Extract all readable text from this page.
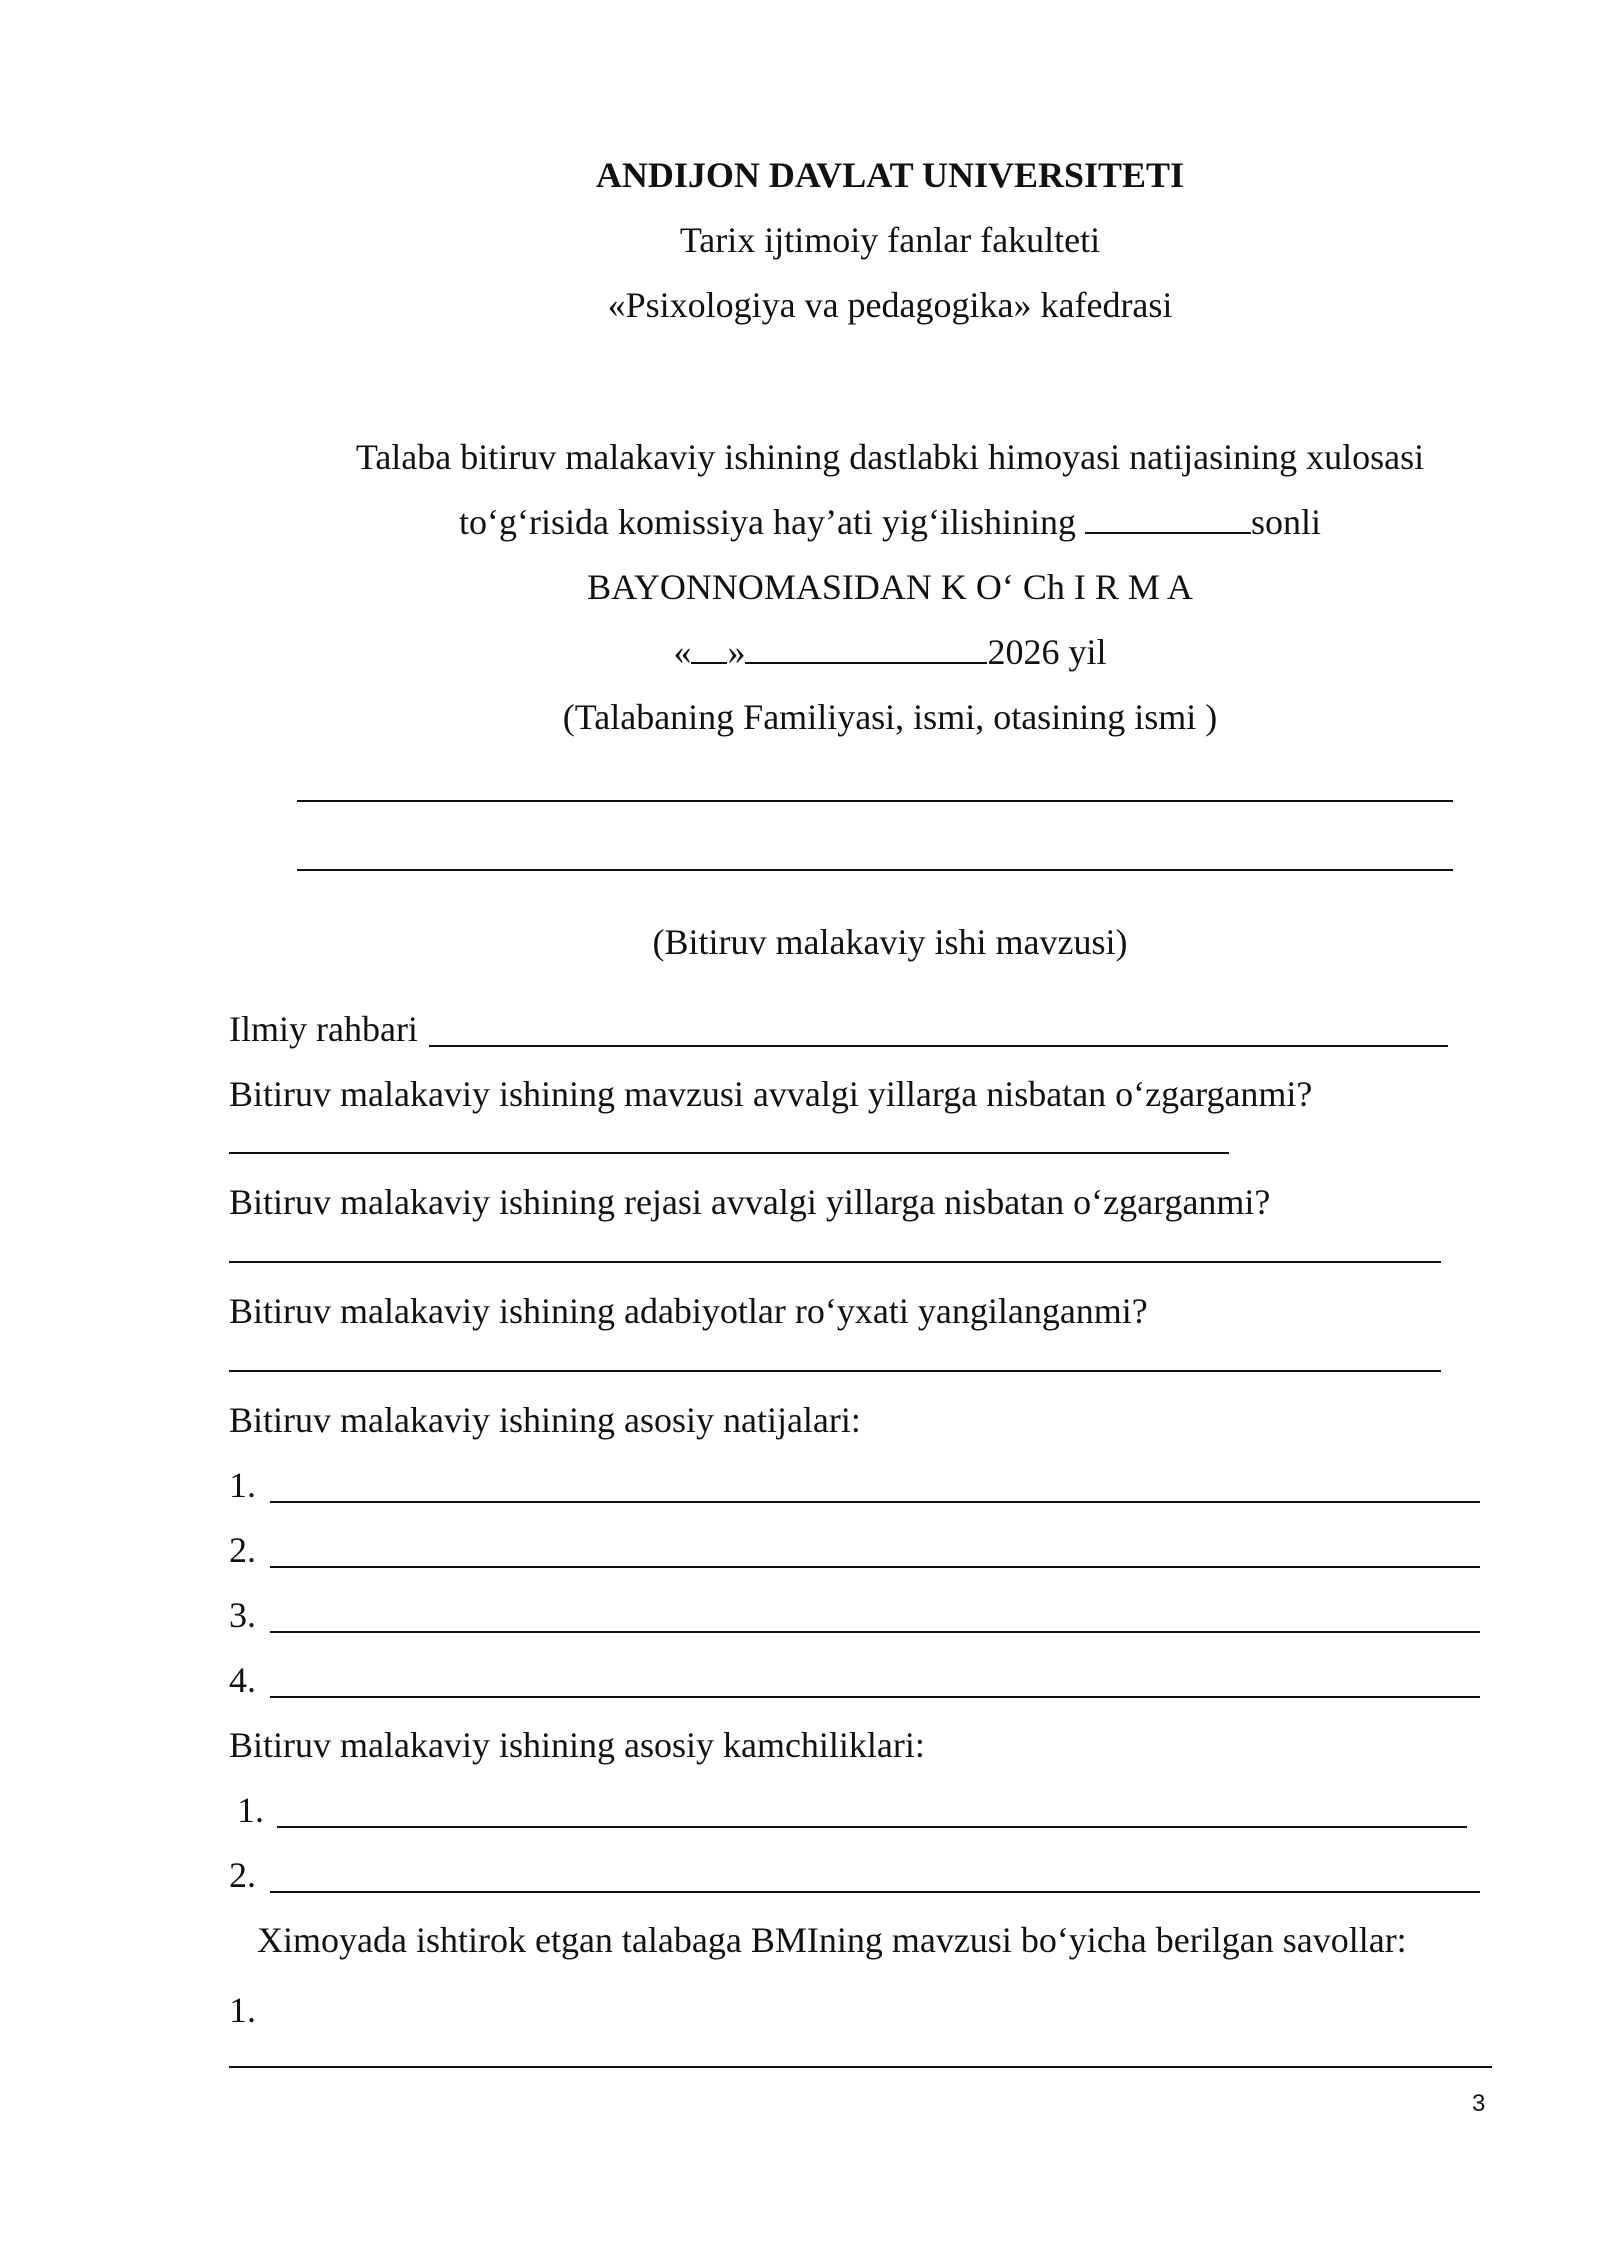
ANDIJON DAVLAT UNIVERSITETI
Tarix ijtimoiy fanlar fakulteti
«Psixologiya va pedagogika» kafedrasi
Talaba bitiruv malakaviy ishining dastlabki himoyasi natijasining xulosasi
to‘g‘risida komissiya hay’ati yig‘ilishining	sonli
BAYONNOMASIDAN K O‘ Ch I R M A
« »	2026 yil
(Talabaning Familiyasi, ismi, otasining ismi )
(Bitiruv malakaviy ishi mavzusi)
Ilmiy rahbari
Bitiruv malakaviy ishining mavzusi avvalgi yillarga nisbatan o‘zgarganmi?
Bitiruv malakaviy ishining rejasi avvalgi yillarga nisbatan o‘zgarganmi?
Bitiruv malakaviy ishining adabiyotlar ro‘yxati yangilanganmi?
Bitiruv malakaviy ishining asosiy natijalari:
1.
2.
3.
4.
Bitiruv malakaviy ishining asosiy kamchiliklari:
1.
2.
Ximoyada ishtirok etgan talabaga BMIning mavzusi bo‘yicha berilgan savollar:
1.
3
